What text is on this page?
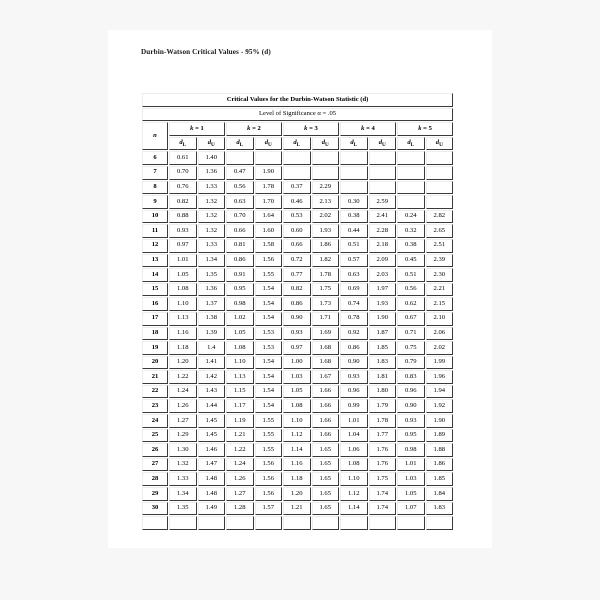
Durbin-Watson Critical Values - 95% (d)
Critical Values for the Durbin-Watson Statistic (d)										
Level of Significance α = .05										
n	k = 1		k = 2		k = 3		k = 4		k = 5	
	$d_L$	$d_U$	$d_L$	$d_U$	$d_L$	$d_U$	$d_L$	$d_U$	$d_L$	$d_U$
6	0.61	1.40								
7	0.70	1.36	0.47	1.90						
8	0.76	1.33	0.56	1.78	0.37	2.29				
9	0.82	1.32	0.63	1.70	0.46	2.13	0.30	2.59		
10	0.88	1.32	0.70	1.64	0.53	2.02	0.38	2.41	0.24	2.82
11	0.93	1.32	0.66	1.60	0.60	1.93	0.44	2.28	0.32	2.65
12	0.97	1.33	0.81	1.58	0.66	1.86	0.51	2.18	0.38	2.51
13	1.01	1.34	0.86	1.56	0.72	1.82	0.57	2.09	0.45	2.39
14	1.05	1.35	0.91	1.55	0.77	1.78	0.63	2.03	0.51	2.30
15	1.08	1.36	0.95	1.54	0.82	1.75	0.69	1.97	0.56	2.21
16	1.10	1.37	0.98	1.54	0.86	1.73	0.74	1.93	0.62	2.15
17	1.13	1.38	1.02	1.54	0.90	1.71	0.78	1.90	0.67	2.10
18	1.16	1.39	1.05	1.53	0.93	1.69	0.92	1.87	0.71	2.06
19	1.18	1.4	1.08	1.53	0.97	1.68	0.86	1.85	0.75	2.02
20	1.20	1.41	1.10	1.54	1.00	1.68	0.90	1.83	0.79	1.99
21	1.22	1.42	1.13	1.54	1.03	1.67	0.93	1.81	0.83	1.96
22	1.24	1.43	1.15	1.54	1.05	1.66	0.96	1.80	0.96	1.94
23	1.26	1.44	1.17	1.54	1.08	1.66	0.99	1.79	0.90	1.92
24	1.27	1.45	1.19	1.55	1.10	1.66	1.01	1.78	0.93	1.90
25	1.29	1.45	1.21	1.55	1.12	1.66	1.04	1.77	0.95	1.89
26	1.30	1.46	1.22	1.55	1.14	1.65	1.06	1.76	0.98	1.88
27	1.32	1.47	1.24	1.56	1.16	1.65	1.08	1.76	1.01	1.86
28	1.33	1.48	1.26	1.56	1.18	1.65	1.10	1.75	1.03	1.85
29	1.34	1.48	1.27	1.56	1.20	1.65	1.12	1.74	1.05	1.84
30	1.35	1.49	1.28	1.57	1.21	1.65	1.14	1.74	1.07	1.83
